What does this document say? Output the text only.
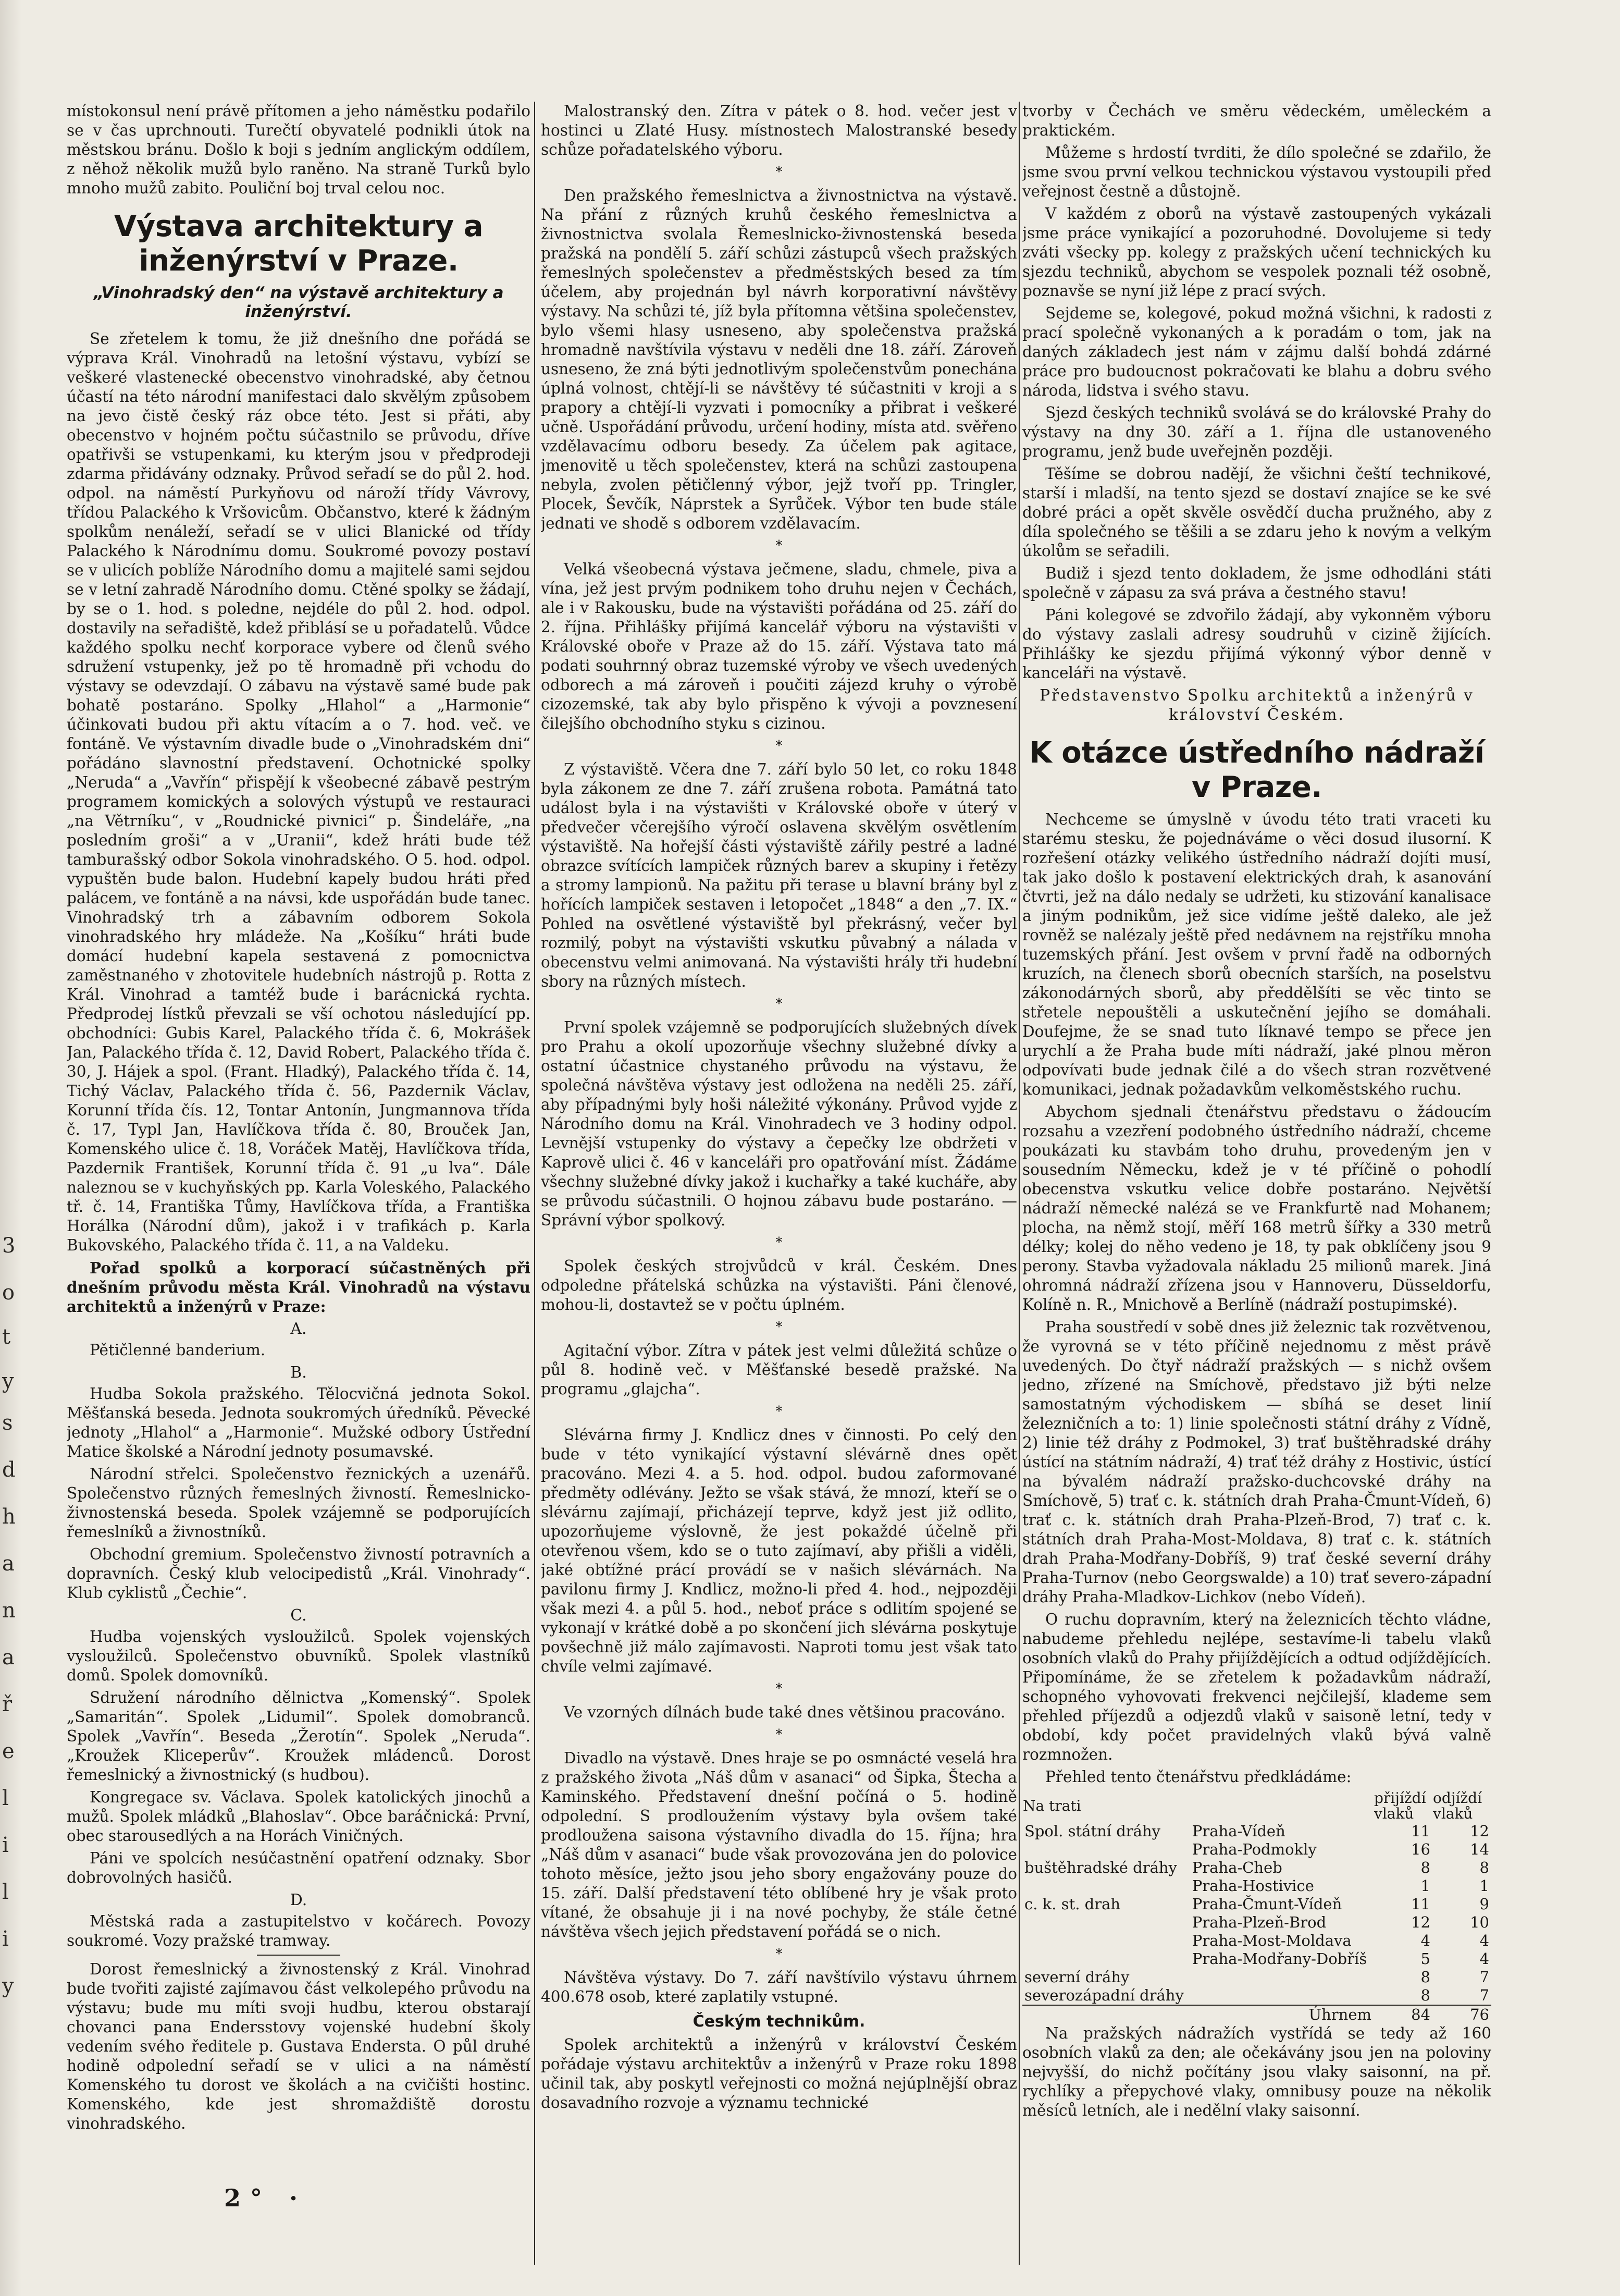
3
o
t
y
s
d
h
a
n
a
ř
e
l
i
l
i
y

místokonsul není právě přítomen a jeho náměstku podařilo se v čas uprchnouti. Turečtí obyvatelé podnikli útok na městskou bránu. Došlo k boji s jedním anglickým oddílem, z něhož několik mužů bylo raněno. Na straně Turků bylo mnoho mužů zabito. Pouliční boj trval celou noc.

Výstava architektury a inženýrství v Praze.
„Vinohradský den“ na výstavě architektury a inženýrství.

Se zřetelem k tomu, že již dnešního dne pořádá se výprava Král. Vinohradů na letošní výstavu, vybízí se veškeré vlastenecké obecenstvo vinohradské, aby četnou účastí na této národní manifestaci dalo skvělým způsobem na jevo čistě český ráz obce této. Jest si přáti, aby obecenstvo v hojném počtu súčastnilo se průvodu, dříve opatřivši se vstupenkami, ku kterým jsou v předprodeji zdarma přidávány odznaky. Průvod seřadí se do půl 2. hod. odpol. na náměstí Purkyňovu od nároží třídy Vávrovy, třídou Palackého k Vršovicům. Občanstvo, které k žádným spolkům nenáleží, seřadí se v ulici Blanické od třídy Palackého k Národnímu domu. Soukromé povozy postaví se v ulicích poblíže Národního domu a majitelé sami sejdou se v letní zahradě Národního domu. Ctěné spolky se žádají, by se o 1. hod. s poledne, nejdéle do půl 2. hod. odpol. dostavily na seřadiště, kdež přiblásí se u pořadatelů. Vůdce každého spolku nechť korporace vybere od členů svého sdružení vstupenky, jež po tě hromadně při vchodu do výstavy se odevzdají. O zábavu na výstavě samé bude pak bohatě postaráno. Spolky „Hlahol“ a „Harmonie“ účinkovati budou při aktu vítacím a o 7. hod. več. ve fontáně. Ve výstavním divadle bude o „Vinohradském dni“ pořádáno slavnostní představení. Ochotnické spolky „Neruda“ a „Vavřín“ přispějí k všeobecné zábavě pestrým programem komických a solových výstupů ve restauraci „na Větrníku“, v „Roudnické pivnici“ p. Šindeláře, „na posledním groši“ a v „Uranii“, kdež hráti bude též tamburašský odbor Sokola vinohradského. O 5. hod. odpol. vypuštěn bude balon. Hudební kapely budou hráti před palácem, ve fontáně a na návsi, kde uspořádán bude tanec. Vinohradský trh a zábavním odborem Sokola vinohradského hry mládeže. Na „Košíku“ hráti bude domácí hudební kapela sestavená z pomocnictva zaměstnaného v zhotovitele hudebních nástrojů p. Rotta z Král. Vinohrad a tamtéž bude i barácnická rychta. Předprodej lístků převzali se vší ochotou následující pp. obchodníci: Gubis Karel, Palackého třída č. 6, Mokrášek Jan, Palackého třída č. 12, David Robert, Palackého třída č. 30, J. Hájek a spol. (Frant. Hladký), Palackého třída č. 14, Tichý Václav, Palackého třída č. 56, Pazdernik Václav, Korunní třída čís. 12, Tontar Antonín, Jungmannova třída č. 17, Typl Jan, Havlíčkova třída č. 80, Brouček Jan, Komenského ulice č. 18, Voráček Matěj, Havlíčkova třída, Pazdernik František, Korunní třída č. 91 „u lva“. Dále naleznou se v kuchyňských pp. Karla Voleského, Palackého tř. č. 14, Františka Tůmy, Havlíčkova třída, a Františka Horálka (Národní dům), jakož i v trafikách p. Karla Bukovského, Palackého třída č. 11, a na Valdeku.

Pořad spolků a korporací súčastněných při dnešním průvodu města Král. Vinohradů na výstavu architektů a inženýrů v Praze:

A.

Pětičlenné banderium.

B.

Hudba Sokola pražského. Tělocvičná jednota Sokol. Měšťanská beseda. Jednota soukromých úředníků. Pěvecké jednoty „Hlahol“ a „Harmonie“. Mužské odbory Ústřední Matice školské a Národní jednoty posumavské.

Národní střelci. Společenstvo řeznických a uzenářů. Společenstvo různých řemeslných živností. Řemeslnicko-živnostenská beseda. Spolek vzájemně se podporujících řemeslníků a živnostníků.

Obchodní gremium. Společenstvo živností potravních a dopravních. Český klub velocipedistů „Král. Vinohrady“. Klub cyklistů „Čechie“.

C.

Hudba vojenských vysloužilců. Spolek vojenských vysloužilců. Společenstvo obuvníků. Spolek vlastníků domů. Spolek domovníků.

Sdružení národního dělnictva „Komenský“. Spolek „Samaritán“. Spolek „Lidumil“. Spolek domobranců. Spolek „Vavřín“. Beseda „Žerotín“. Spolek „Neruda“. „Kroužek Kliceperův“. Kroužek mládenců. Dorost řemeslnický a živnostnický (s hudbou).

Kongregace sv. Václava. Spolek katolických jinochů a mužů. Spolek mládků „Blahoslav“. Obce baráčnická: První, obec starousedlých a na Horách Viničných.

Páni ve spolcích nesúčastnění opatření odznaky. Sbor dobrovolných hasičů.

D.

Městská rada a zastupitelstvo v kočárech. Povozy soukromé. Vozy pražské tramway.

Dorost řemeslnický a živnostenský z Král. Vinohrad bude tvořiti zajisté zajímavou část velkolepého průvodu na výstavu; bude mu míti svoji hudbu, kterou obstarají chovanci pana Endersstovy vojenské hudební školy vedením svého ředitele p. Gustava Endersta. O půl druhé hodině odpolední seřadí se v ulici a na náměstí Komenského tu dorost ve školách a na cvičišti hostinc. Komenského, kde jest shromaždiště dorostu vinohradského.

2° ·

Malostranský den. Zítra v pátek o 8. hod. večer jest v hostinci u Zlaté Husy. místnostech Malostranské besedy schůze pořadatelského výboru.

*

Den pražského řemeslnictva a živnostnictva na výstavě. Na přání z různých kruhů českého řemeslnictva a živnostnictva svolala Řemeslnicko-živnostenská beseda pražská na pondělí 5. září schůzi zástupců všech pražských řemeslných společenstev a předměstských besed za tím účelem, aby projednán byl návrh korporativní návštěvy výstavy. Na schůzi té, jíž byla přítomna většina společenstev, bylo všemi hlasy usneseno, aby společenstva pražská hromadně navštívila výstavu v neděli dne 18. září. Zároveň usneseno, že zná býti jednotlivým společenstvům ponechána úplná volnost, chtějí-li se návštěvy té súčastniti v kroji a s prapory a chtějí-li vyzvati i pomocníky a přibrat i veškeré učně. Uspořádání průvodu, určení hodiny, místa atd. svěřeno vzdělavacímu odboru besedy. Za účelem pak agitace, jmenovitě u těch společenstev, která na schůzi zastoupena nebyla, zvolen pětičlenný výbor, jejž tvoří pp. Tringler, Plocek, Ševčík, Náprstek a Syrůček. Výbor ten bude stále jednati ve shodě s odborem vzdělavacím.

*

Velká všeobecná výstava ječmene, sladu, chmele, piva a vína, jež jest prvým podnikem toho druhu nejen v Čechách, ale i v Rakousku, bude na výstavišti pořádána od 25. září do 2. října. Přihlášky přijímá kancelář výboru na výstavišti v Královské oboře v Praze až do 15. září. Výstava tato má podati souhrnný obraz tuzemské výroby ve všech uvedených odborech a má zároveň i poučiti zájezd kruhy o výrobě cizozemské, tak aby bylo přispěno k vývoji a povznesení čilejšího obchodního styku s cizinou.

*

Z výstaviště. Včera dne 7. září bylo 50 let, co roku 1848 byla zákonem ze dne 7. září zrušena robota. Památná tato událost byla i na výstavišti v Královské oboře v úterý v předvečer včerejšího výročí oslavena skvělým osvětlením výstaviště. Na hořejší části výstaviště zářily pestré a ladné obrazce svítících lampiček různých barev a skupiny i řetězy a stromy lampionů. Na pažitu při terase u blavní brány byl z hořících lampiček sestaven i letopočet „1848“ a den „7. IX.“ Pohled na osvětlené výstaviště byl překrásný, večer byl rozmilý, pobyt na výstavišti vskutku půvabný a nálada v obecenstvu velmi animovaná. Na výstavišti hrály tři hudební sbory na různých místech.

*

První spolek vzájemně se podporujících služebných dívek pro Prahu a okolí upozorňuje všechny služebné dívky a ostatní účastnice chystaného průvodu na výstavu, že společná návštěva výstavy jest odložena na neděli 25. září, aby případnými byly hoši náležité výkonány. Průvod vyjde z Národního domu na Král. Vinohradech ve 3 hodiny odpol. Levnější vstupenky do výstavy a čepečky lze obdržeti v Kaprově ulici č. 46 v kanceláři pro opatřování míst. Žádáme všechny služebné dívky jakož i kuchařky a také kucháře, aby se průvodu súčastnili. O hojnou zábavu bude postaráno. — Správní výbor spolkový.

*

Spolek českých strojvůdců v král. Českém. Dnes odpoledne přátelská schůzka na výstavišti. Páni členové, mohou-li, dostavtež se v počtu úplném.

*

Agitační výbor. Zítra v pátek jest velmi důležitá schůze o půl 8. hodině več. v Měšťanské besedě pražské. Na programu „glajcha“.

*

Slévárna firmy J. Kndlicz dnes v činnosti. Po celý den bude v této vynikající výstavní slévárně dnes opět pracováno. Mezi 4. a 5. hod. odpol. budou zaformované předměty odlévány. Ježto se však stává, že mnozí, kteří se o slévárnu zajímají, přicházejí teprve, když jest již odlito, upozorňujeme výslovně, že jest pokaždé účelně při otevřenou všem, kdo se o tuto zajímaví, aby přišli a viděli, jaké obtížné prácí provádí se v našich slévárnách. Na pavilonu firmy J. Kndlicz, možno-li před 4. hod., nejpozději však mezi 4. a půl 5. hod., neboť práce s odlitím spojené se vykonají v krátké době a po skončení jich slévárna poskytuje povšechně již málo zajímavosti. Naproti tomu jest však tato chvíle velmi zajímavé.

*

Ve vzorných dílnách bude také dnes většinou pracováno.

*

Divadlo na výstavě. Dnes hraje se po osmnácté veselá hra z pražského života „Náš dům v asanaci“ od Šipka, Štecha a Kaminského. Představení dnešní počíná o 5. hodině odpolední. S prodloužením výstavy byla ovšem také prodloužena saisona výstavního divadla do 15. října; hra „Náš dům v asanaci“ bude však provozována jen do polovice tohoto měsíce, ježto jsou jeho sbory engažovány pouze do 15. září. Další představení této oblíbené hry je však proto vítané, že obsahuje ji i na nové pochyby, že stále četné návštěva všech jejich představení pořádá se o nich.

*

Návštěva výstavy. Do 7. září navštívilo výstavu úhrnem 400.678 osob, které zaplatily vstupné.

Českým technikům.

Spolek architektů a inženýrů v království Českém pořádaje výstavu architektův a inženýrů v Praze roku 1898 učinil tak, aby poskytl veřejnosti co možná nejúplnější obraz dosavadního rozvoje a významu technické

tvorby v Čechách ve směru vědeckém, uměleckém a praktickém.

Můžeme s hrdostí tvrditi, že dílo společné se zdařilo, že jsme svou první velkou technickou výstavou vystoupili před veřejnost čestně a důstojně.

V každém z oborů na výstavě zastoupených vykázali jsme práce vynikající a pozoruhodné. Dovolujeme si tedy zváti všecky pp. kolegy z pražských učení technických ku sjezdu techniků, abychom se vespolek poznali též osobně, poznavše se nyní již lépe z prací svých.

Sejdeme se, kolegové, pokud možná všichni, k radosti z prací společně vykonaných a k poradám o tom, jak na daných základech jest nám v zájmu další bohdá zdárné práce pro budoucnost pokračovati ke blahu a dobru svého národa, lidstva i svého stavu.

Sjezd českých techniků svolává se do královské Prahy do výstavy na dny 30. září a 1. října dle ustanoveného programu, jenž bude uveřejněn později.

Těšíme se dobrou nadějí, že všichni čeští technikové, starší i mladší, na tento sjezd se dostaví znajíce se ke své dobré práci a opět skvěle osvědčí ducha pružného, aby z díla společného se těšili a se zdaru jeho k novým a velkým úkolům se seřadili.

Budiž i sjezd tento dokladem, že jsme odhodláni státi společně v zápasu za svá práva a čestného stavu!

Páni kolegové se zdvořilo žádají, aby vykonněm výboru do výstavy zaslali adresy soudruhů v cizině žijících. Přihlášky ke sjezdu přijímá výkonný výbor denně v kanceláři na výstavě.

Představenstvo Spolku architektů a inženýrů v království Českém.

K otázce ústředního nádraží v Praze.

Nechceme se úmyslně v úvodu této trati vraceti ku starému stesku, že pojednáváme o věci dosud ilusorní. K rozřešení otázky velikého ústředního nádraží dojíti musí, tak jako došlo k postavení elektrických drah, k asanování čtvrti, jež na dálo nedaly se udržeti, ku stizování kanalisace a jiným podnikům, jež sice vidíme ještě daleko, ale jež rovněž se nalézaly ještě před nedávnem na rejstříku mnoha tuzemských přání. Jest ovšem v první řadě na odborných kruzích, na členech sborů obecních starších, na poselstvu zákonodárných sborů, aby předdělšíti se věc tinto se střetele nepouštěli a uskutečnění jejího se domáhali. Doufejme, že se snad tuto líknavé tempo se přece jen urychlí a že Praha bude míti nádraží, jaké plnou měron odpovívati bude jednak čilé a do všech stran rozvětvené komunikaci, jednak požadavkům velkoměstského ruchu.

Abychom sjednali čtenářstvu představu o žádoucím rozsahu a vzezření podobného ústředního nádraží, chceme poukázati ku stavbám toho druhu, provedeným jen v sousedním Německu, kdež je v té příčině o pohodlí obecenstva vskutku velice dobře postaráno. Největší nádraží německé nalézá se ve Frankfurtě nad Mohanem; plocha, na němž stojí, měří 168 metrů šířky a 330 metrů délky; kolej do něho vedeno je 18, ty pak obklíčeny jsou 9 perony. Stavba vyžadovala nákladu 25 milionů marek. Jiná ohromná nádraží zřízena jsou v Hannoveru, Düsseldorfu, Kolíně n. R., Mnichově a Berlíně (nádraží postupimské).

Praha soustředí v sobě dnes již železnic tak rozvětvenou, že vyrovná se v této příčině nejednomu z měst právě uvedených. Do čtyř nádraží pražských — s nichž ovšem jedno, zřízené na Smíchově, představo již býti nelze samostatným východiskem — sbíhá se deset linií železničních a to: 1) linie společnosti státní dráhy z Vídně, 2) linie též dráhy z Podmokel, 3) trať buštěhradské dráhy ústící na státním nádraží, 4) trať též dráhy z Hostivic, ústící na bývalém nádraží pražsko-duchcovské dráhy na Smíchově, 5) trať c. k. státních drah Praha-Čmunt-Vídeň, 6) trať c. k. státních drah Praha-Plzeň-Brod, 7) trať c. k. státních drah Praha-Most-Moldava, 8) trať c. k. státních drah Praha-Modřany-Dobříš, 9) trať české severní dráhy Praha-Turnov (nebo Georgswalde) a 10) trať severo-západní dráhy Praha-Mladkov-Lichkov (nebo Vídeň).

O ruchu dopravním, který na železnicích těchto vládne, nabudeme přehledu nejlépe, sestavíme-li tabelu vlaků osobních vlaků do Prahy přijíždějících a odtud odjíždějících. Připomínáme, že se zřetelem k požadavkům nádraží, schopného vyhovovati frekvenci nejčilejší, klademe sem přehled příjezdů a odjezdů vlaků v saisoně letní, tedy v období, kdy počet pravidelných vlaků bývá valně rozmnožen.

Přehled tento čtenářstvu předkládáme:

Na trati		přijíždí vlaků	odjíždí vlaků
Spol. státní dráhy	Praha-Vídeň	11	12
	Praha-Podmokly	16	14
buštěhradské dráhy	Praha-Cheb	8	8
	Praha-Hostivice	1	1
c. k. st. drah	Praha-Čmunt-Vídeň	11	9
	Praha-Plzeň-Brod	12	10
	Praha-Most-Moldava	4	4
	Praha-Modřany-Dobříš	5	4
severní dráhy		8	7
severozápadní dráhy		8	7
Úhrnem		84	76

Na pražských nádražích vystřídá se tedy až 160 osobních vlaků za den; ale očekávány jsou jen na poloviny nejvyšší, do nichž počítány jsou vlaky saisonní, na př. rychlíky a přepychové vlaky, omnibusy pouze na několik měsíců letních, ale i nedělní vlaky saisonní.
